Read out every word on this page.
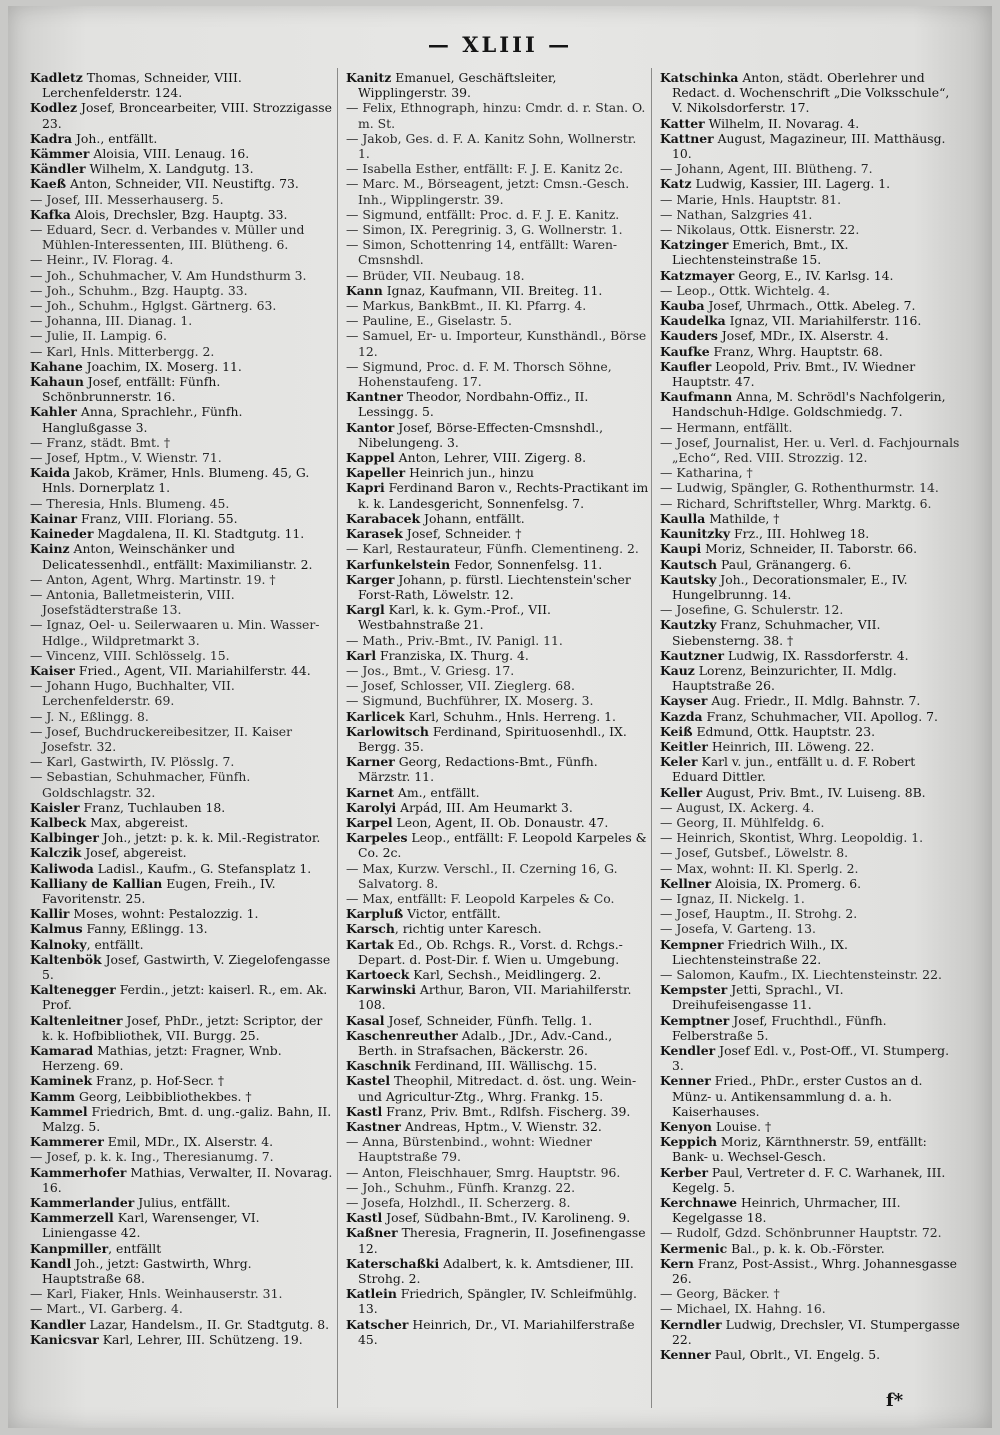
— XLIII —

Kadletz Thomas, Schneider, VIII. Lerchenfelderstr. 124.

Kodlez Josef, Broncearbeiter, VIII. Strozzigasse 23.

Kadra Joh., entfällt.

Kämmer Aloisia, VIII. Lenaug. 16.

Kändler Wilhelm, X. Landgutg. 13.

Kaeß Anton, Schneider, VII. Neustiftg. 73.

— Josef, III. Messerhauserg. 5.

Kafka Alois, Drechsler, Bzg. Hauptg. 33.

— Eduard, Secr. d. Verbandes v. Müller und Mühlen-Interessenten, III. Blütheng. 6.

— Heinr., IV. Florag. 4.

— Joh., Schuhmacher, V. Am Hundsthurm 3.

— Joh., Schuhm., Bzg. Hauptg. 33.

— Joh., Schuhm., Hglgst. Gärtnerg. 63.

— Johanna, III. Dianag. 1.

— Julie, II. Lampig. 6.

— Karl, Hnls. Mitterbergg. 2.

Kahane Joachim, IX. Moserg. 11.

Kahaun Josef, entfällt: Fünfh. Schönbrunnerstr. 16.

Kahler Anna, Sprachlehr., Fünfh. Hanglußgasse 3.

— Franz, städt. Bmt. †

— Josef, Hptm., V. Wienstr. 71.

Kaida Jakob, Krämer, Hnls. Blumeng. 45, G. Hnls. Dornerplatz 1.

— Theresia, Hnls. Blumeng. 45.

Kainar Franz, VIII. Floriang. 55.

Kaineder Magdalena, II. Kl. Stadtgutg. 11.

Kainz Anton, Weinschänker und Delicatessenhdl., entfällt: Maximilianstr. 2.

— Anton, Agent, Whrg. Martinstr. 19. †

— Antonia, Balletmeisterin, VIII. Josefstädterstraße 13.

— Ignaz, Oel- u. Seilerwaaren u. Min. Wasser-Hdlge., Wildpretmarkt 3.

— Vincenz, VIII. Schlösselg. 15.

Kaiser Fried., Agent, VII. Mariahilferstr. 44.

— Johann Hugo, Buchhalter, VII. Lerchenfelderstr. 69.

— J. N., Eßlingg. 8.

— Josef, Buchdruckereibesitzer, II. Kaiser Josefstr. 32.

— Karl, Gastwirth, IV. Plösslg. 7.

— Sebastian, Schuhmacher, Fünfh. Goldschlagstr. 32.

Kaisler Franz, Tuchlauben 18.

Kalbeck Max, abgereist.

Kalbinger Joh., jetzt: p. k. k. Mil.-Registrator.

Kalczik Josef, abgereist.

Kaliwoda Ladisl., Kaufm., G. Stefansplatz 1.

Kalliany de Kallian Eugen, Freih., IV. Favoritenstr. 25.

Kallir Moses, wohnt: Pestalozzig. 1.

Kalmus Fanny, Eßlingg. 13.

Kalnoky, entfällt.

Kaltenbök Josef, Gastwirth, V. Ziegelofengasse 5.

Kaltenegger Ferdin., jetzt: kaiserl. R., em. Ak. Prof.

Kaltenleitner Josef, PhDr., jetzt: Scriptor, der k. k. Hofbibliothek, VII. Burgg. 25.

Kamarad Mathias, jetzt: Fragner, Wnb. Herzeng. 69.

Kaminek Franz, p. Hof-Secr. †

Kamm Georg, Leibbibliothekbes. †

Kammel Friedrich, Bmt. d. ung.-galiz. Bahn, II. Malzg. 5.

Kammerer Emil, MDr., IX. Alserstr. 4.

— Josef, p. k. k. Ing., Theresianumg. 7.

Kammerhofer Mathias, Verwalter, II. Novarag. 16.

Kammerlander Julius, entfällt.

Kammerzell Karl, Warensenger, VI. Liniengasse 42.

Kanpmiller, entfällt

Kandl Joh., jetzt: Gastwirth, Whrg. Hauptstraße 68.

— Karl, Fiaker, Hnls. Weinhauserstr. 31.

— Mart., VI. Garberg. 4.

Kandler Lazar, Handelsm., II. Gr. Stadtgutg. 8.

Kanicsvar Karl, Lehrer, III. Schützeng. 19.

Kanitz Emanuel, Geschäftsleiter, Wipplingerstr. 39.

— Felix, Ethnograph, hinzu: Cmdr. d. r. Stan. O. m. St.

— Jakob, Ges. d. F. A. Kanitz Sohn, Wollnerstr. 1.

— Isabella Esther, entfällt: F. J. E. Kanitz 2c.

— Marc. M., Börseagent, jetzt: Cmsn.-Gesch. Inh., Wipplingerstr. 39.

— Sigmund, entfällt: Proc. d. F. J. E. Kanitz.

— Simon, IX. Peregrinig. 3, G. Wollnerstr. 1.

— Simon, Schottenring 14, entfällt: Waren-Cmsnshdl.

— Brüder, VII. Neubaug. 18.

Kann Ignaz, Kaufmann, VII. Breiteg. 11.

— Markus, BankBmt., II. Kl. Pfarrg. 4.

— Pauline, E., Giselastr. 5.

— Samuel, Er- u. Importeur, Kunsthändl., Börse 12.

— Sigmund, Proc. d. F. M. Thorsch Söhne, Hohenstaufeng. 17.

Kantner Theodor, Nordbahn-Offiz., II. Lessingg. 5.

Kantor Josef, Börse-Effecten-Cmsnshdl., Nibelungeng. 3.

Kappel Anton, Lehrer, VIII. Zigerg. 8.

Kapeller Heinrich jun., hinzu

Kapri Ferdinand Baron v., Rechts-Practikant im k. k. Landesgericht, Sonnenfelsg. 7.

Karabacek Johann, entfällt.

Karasek Josef, Schneider. †

— Karl, Restaurateur, Fünfh. Clementineng. 2.

Karfunkelstein Fedor, Sonnenfelsg. 11.

Karger Johann, p. fürstl. Liechtenstein'scher Forst-Rath, Löwelstr. 12.

Kargl Karl, k. k. Gym.-Prof., VII. Westbahnstraße 21.

— Math., Priv.-Bmt., IV. Panigl. 11.

Karl Franziska, IX. Thurg. 4.

— Jos., Bmt., V. Griesg. 17.

— Josef, Schlosser, VII. Zieglerg. 68.

— Sigmund, Buchführer, IX. Moserg. 3.

Karlicek Karl, Schuhm., Hnls. Herreng. 1.

Karlowitsch Ferdinand, Spirituosenhdl., IX. Bergg. 35.

Karner Georg, Redactions-Bmt., Fünfh. Märzstr. 11.

Karnet Am., entfällt.

Karolyi Arpád, III. Am Heumarkt 3.

Karpel Leon, Agent, II. Ob. Donaustr. 47.

Karpeles Leop., entfällt: F. Leopold Karpeles & Co. 2c.

— Max, Kurzw. Verschl., II. Czerning 16, G. Salvatorg. 8.

— Max, entfällt: F. Leopold Karpeles & Co.

Karpluß Victor, entfällt.

Karsch, richtig unter Karesch.

Kartak Ed., Ob. Rchgs. R., Vorst. d. Rchgs.-Depart. d. Post-Dir. f. Wien u. Umgebung.

Kartoeck Karl, Sechsh., Meidlingerg. 2.

Karwinski Arthur, Baron, VII. Mariahilferstr. 108.

Kasal Josef, Schneider, Fünfh. Tellg. 1.

Kaschenreuther Adalb., JDr., Adv.-Cand., Berth. in Strafsachen, Bäckerstr. 26.

Kaschnik Ferdinand, III. Wällischg. 15.

Kastel Theophil, Mitredact. d. öst. ung. Wein- und Agricultur-Ztg., Whrg. Frankg. 15.

Kastl Franz, Priv. Bmt., Rdlfsh. Fischerg. 39.

Kastner Andreas, Hptm., V. Wienstr. 32.

— Anna, Bürstenbind., wohnt: Wiedner Hauptstraße 79.

— Anton, Fleischhauer, Smrg. Hauptstr. 96.

— Joh., Schuhm., Fünfh. Kranzg. 22.

— Josefa, Holzhdl., II. Scherzerg. 8.

Kastl Josef, Südbahn-Bmt., IV. Karolineng. 9.

Kaßner Theresia, Fragnerin, II. Josefinengasse 12.

Katerschaßki Adalbert, k. k. Amtsdiener, III. Strohg. 2.

Katlein Friedrich, Spängler, IV. Schleifmühlg. 13.

Katscher Heinrich, Dr., VI. Mariahilferstraße 45.

Katschinka Anton, städt. Oberlehrer und Redact. d. Wochenschrift „Die Volksschule“, V. Nikolsdorferstr. 17.

Katter Wilhelm, II. Novarag. 4.

Kattner August, Magazineur, III. Matthäusg. 10.

— Johann, Agent, III. Blütheng. 7.

Katz Ludwig, Kassier, III. Lagerg. 1.

— Marie, Hnls. Hauptstr. 81.

— Nathan, Salzgries 41.

— Nikolaus, Ottk. Eisnerstr. 22.

Katzinger Emerich, Bmt., IX. Liechtensteinstraße 15.

Katzmayer Georg, E., IV. Karlsg. 14.

— Leop., Ottk. Wichtelg. 4.

Kauba Josef, Uhrmach., Ottk. Abeleg. 7.

Kaudelka Ignaz, VII. Mariahilferstr. 116.

Kauders Josef, MDr., IX. Alserstr. 4.

Kaufke Franz, Whrg. Hauptstr. 68.

Kaufler Leopold, Priv. Bmt., IV. Wiedner Hauptstr. 47.

Kaufmann Anna, M. Schrödl's Nachfolgerin, Handschuh-Hdlge. Goldschmiedg. 7.

— Hermann, entfällt.

— Josef, Journalist, Her. u. Verl. d. Fachjournals „Echo“, Red. VIII. Strozzig. 12.

— Katharina, †

— Ludwig, Spängler, G. Rothenthurmstr. 14.

— Richard, Schriftsteller, Whrg. Marktg. 6.

Kaulla Mathilde, †

Kaunitzky Frz., III. Hohlweg 18.

Kaupi Moriz, Schneider, II. Taborstr. 66.

Kautsch Paul, Gränangerg. 6.

Kautsky Joh., Decorationsmaler, E., IV. Hungelbrunng. 14.

— Josefine, G. Schulerstr. 12.

Kautzky Franz, Schuhmacher, VII. Siebensterng. 38. †

Kautzner Ludwig, IX. Rassdorferstr. 4.

Kauz Lorenz, Beinzurichter, II. Mdlg. Hauptstraße 26.

Kayser Aug. Friedr., II. Mdlg. Bahnstr. 7.

Kazda Franz, Schuhmacher, VII. Apollog. 7.

Keiß Edmund, Ottk. Hauptstr. 23.

Keitler Heinrich, III. Löweng. 22.

Keler Karl v. jun., entfällt u. d. F. Robert Eduard Dittler.

Keller August, Priv. Bmt., IV. Luiseng. 8B.

— August, IX. Ackerg. 4.

— Georg, II. Mühlfeldg. 6.

— Heinrich, Skontist, Whrg. Leopoldig. 1.

— Josef, Gutsbef., Löwelstr. 8.

— Max, wohnt: II. Kl. Sperlg. 2.

Kellner Aloisia, IX. Promerg. 6.

— Ignaz, II. Nickelg. 1.

— Josef, Hauptm., II. Strohg. 2.

— Josefa, V. Garteng. 13.

Kempner Friedrich Wilh., IX. Liechtensteinstraße 22.

— Salomon, Kaufm., IX. Liechtensteinstr. 22.

Kempster Jetti, Sprachl., VI. Dreihufeisengasse 11.

Kemptner Josef, Fruchthdl., Fünfh. Felberstraße 5.

Kendler Josef Edl. v., Post-Off., VI. Stumperg. 3.

Kenner Fried., PhDr., erster Custos an d. Münz- u. Antikensammlung d. a. h. Kaiserhauses.

Kenyon Louise. †

Keppich Moriz, Kärnthnerstr. 59, entfällt: Bank- u. Wechsel-Gesch.

Kerber Paul, Vertreter d. F. C. Warhanek, III. Kegelg. 5.

Kerchnawe Heinrich, Uhrmacher, III. Kegelgasse 18.

— Rudolf, Gdzd. Schönbrunner Hauptstr. 72.

Kermenic Bal., p. k. k. Ob.-Förster.

Kern Franz, Post-Assist., Whrg. Johannesgasse 26.

— Georg, Bäcker. †

— Michael, IX. Hahng. 16.

Kerndler Ludwig, Drechsler, VI. Stumpergasse 22.

Kenner Paul, Obrlt., VI. Engelg. 5.

f*
